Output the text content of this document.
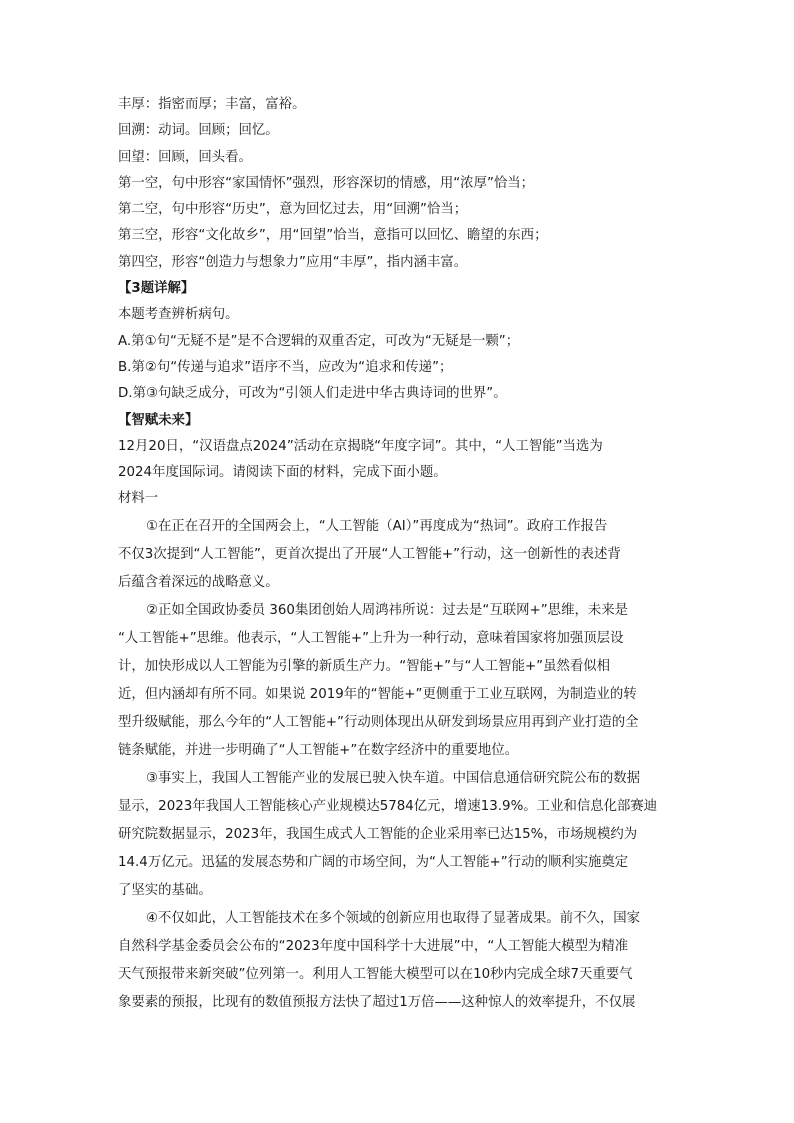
丰厚：指密而厚；丰富，富裕。
回溯：动词。回顾；回忆。
回望：回顾，回头看。
第一空，句中形容“家国情怀”强烈，形容深切的情感，用“浓厚”恰当；
第二空，句中形容“历史”，意为回忆过去，用“回溯”恰当；
第三空，形容“文化故乡”，用“回望”恰当，意指可以回忆、瞻望的东西；
第四空，形容“创造力与想象力”应用“丰厚”，指内涵丰富。
【3题详解】
本题考查辨析病句。
A.第①句“无疑不是”是不合逻辑的双重否定，可改为“无疑是一颗”；
B.第②句“传递与追求”语序不当，应改为“追求和传递”；
D.第③句缺乏成分，可改为“引领人们走进中华古典诗词的世界”。
【智赋未来】
12月20日，“汉语盘点2024”活动在京揭晓“年度字词”。其中，“人工智能”当选为
2024年度国际词。请阅读下面的材料，完成下面小题。
材料一
①在正在召开的全国两会上，“人工智能（AI）”再度成为“热词”。政府工作报告
不仅3次提到“人工智能”，更首次提出了开展“人工智能+”行动，这一创新性的表述背
后蕴含着深远的战略意义。
②正如全国政协委员 360集团创始人周鸿祎所说：过去是“互联网+”思维，未来是
“人工智能+”思维。他表示，“人工智能+”上升为一种行动，意味着国家将加强顶层设
计，加快形成以人工智能为引擎的新质生产力。“智能+”与“人工智能+”虽然看似相
近，但内涵却有所不同。如果说 2019年的“智能+”更侧重于工业互联网，为制造业的转
型升级赋能，那么今年的“人工智能+”行动则体现出从研发到场景应用再到产业打造的全
链条赋能，并进一步明确了“人工智能+”在数字经济中的重要地位。
③事实上，我国人工智能产业的发展已驶入快车道。中国信息通信研究院公布的数据
显示，2023年我国人工智能核心产业规模达5784亿元，增速13.9%。工业和信息化部赛迪
研究院数据显示，2023年，我国生成式人工智能的企业采用率已达15%，市场规模约为
14.4万亿元。迅猛的发展态势和广阔的市场空间，为“人工智能+”行动的顺利实施奠定
了坚实的基础。
④不仅如此，人工智能技术在多个领域的创新应用也取得了显著成果。前不久，国家
自然科学基金委员会公布的“2023年度中国科学十大进展”中，“人工智能大模型为精准
天气预报带来新突破”位列第一。利用人工智能大模型可以在10秒内完成全球7天重要气
象要素的预报，比现有的数值预报方法快了超过1万倍——这种惊人的效率提升，不仅展
